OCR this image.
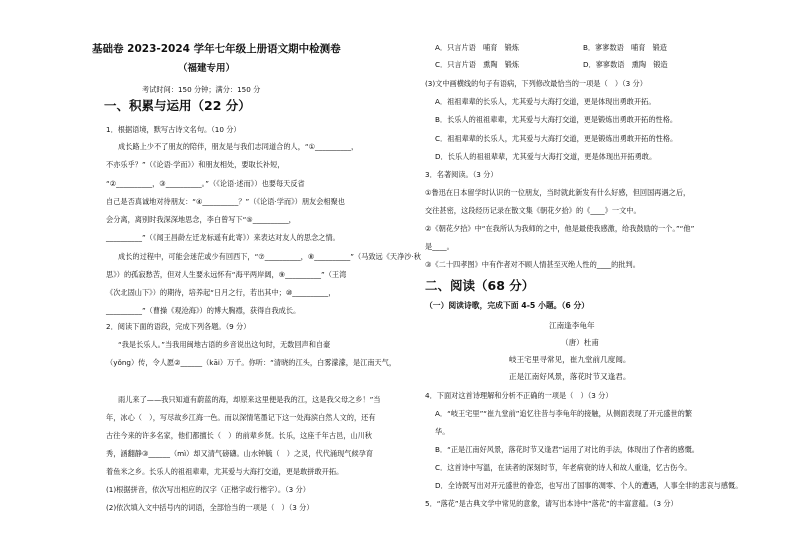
基础卷 2023-2024 学年七年级上册语文期中检测卷
（福建专用）
考试时间：150 分钟；满分：150 分
一、积累与运用（22 分）
1．根据语境，默写古诗文名句。（10 分）
成长路上少不了朋友的陪伴，朋友是与我们志同道合的人，“①__________，
不亦乐乎？”（《论语·学而》）和朋友相处，要取长补短，
“②__________，③__________。”（《论语·述而》）也要每天反省
自己是否真诚地对待朋友：“④__________？”（《论语·学而》）朋友会相聚也
会分离，离别时我深深地思念，李白曾写下“⑤__________，
__________”（《闻王昌龄左迁龙标遥有此寄》）来表达对友人的思念之情。
成长的过程中，可能会迷茫或少有回西下，“⑦__________，⑧__________”（马致远《天净沙·秋
思》）的孤寂愁苦，但对人生要永远怀有“海平两岸阔，⑨__________”（王湾
《次北固山下》）的期待，培养起“日月之行，若出其中；⑩__________，
__________”（曹操《观沧海》）的博大胸襟，获得自我成长。
2．阅读下面的语段，完成下列各题。（9 分）
“我是长乐人。”当我用闽地古语的乡音说出这句时，无数回声和自豪
（yǒng）传，令人愿②______（kāi）万千。你听：“清晓的江头，白雾濛濛，是江南天气，
雨儿来了——我只知道有蔚蓝的海，却原来这里便是我的江，这是我父母之乡！”当
年，冰心（　），写尽故乡江海一色。而以深情笔墨记下这一处海滨白然人文的，还有
古往今来的许多名家，他们都擅长（　）的前辈乡贤。长乐，这座千年古邑，山川秋
秀，涵翻静③______（mì）却又清气磅礴。山水钟毓（　）之灵，代代涌现气候孕育
着鱼米之乡。长乐人的祖祖辈辈，尤其爱与大海打交道，更是敢拼敢开拓。
(1)根据拼音，依次写出相应的汉字（正楷字或行楷字）。（3 分）
(2)依次填入文中括号内的词语，全部恰当的一项是（　）（3 分）
A．只言片语　哺育　锻炼	B．寥寥数语　哺育　锻造
C．只言片语　熏陶　锻炼	D．寥寥数语　熏陶　锻造
(3)文中画横线的句子有语病，下列修改最恰当的一项是（　）（3 分）
A．祖祖辈辈的长乐人，尤其爱与大海打交道，更是体现出勇敢开拓。
B．长乐人的祖祖辈辈，尤其爱与大海打交道，更是锻炼出勇敢开拓的性格。
C．祖祖辈辈的长乐人，尤其爱与大海打交道，更是锻炼出勇敢开拓的性格。
D．长乐人的祖祖辈辈，尤其爱与大海打交道，更是体现出开拓勇敢。
3．名著阅读。（3 分）
①鲁迅在日本留学时认识的一位朋友，当时就此新发有什么好感，但回国再遇之后，
交往甚密，这段经历记录在散文集《朝花夕拾》的《____》一文中。
②《朝花夕拾》中“在我所认为我师的之中，他是最使我感激，给我鼓励的一个。”“他”
是____。
③《二十四孝图》中有作者对不顾人情甚至灭绝人性的____的批判。
二、阅读（68 分）
（一）阅读诗歌，完成下面 4-5 小题。（6 分）
江南逢李龟年
（唐）杜甫
岐王宅里寻常见，崔九堂前几度闻。
正是江南好风景，落花时节又逢君。
4．下面对这首诗理解和分析不正确的一项是（　）（3 分）
A．“岐王宅里”“崔九堂前”追忆往昔与李龟年的接触，从侧面表现了开元盛世的繁
华。
B．“正是江南好风景，落花时节又逢君”运用了对比的手法，体现出了作者的感慨。
C．这首诗中写温，在读者的深刻时节，年老病衰的诗人和故人重逢，忆古伤今。
D．全诗既写出对开元盛世的眷恋，也写出了国事的凋零、个人的遭遇，人事全非的悲哀与感慨。
5．“落花”是古典文学中常见的意象，请写出本诗中“落花”的丰富意蕴。（3 分）
